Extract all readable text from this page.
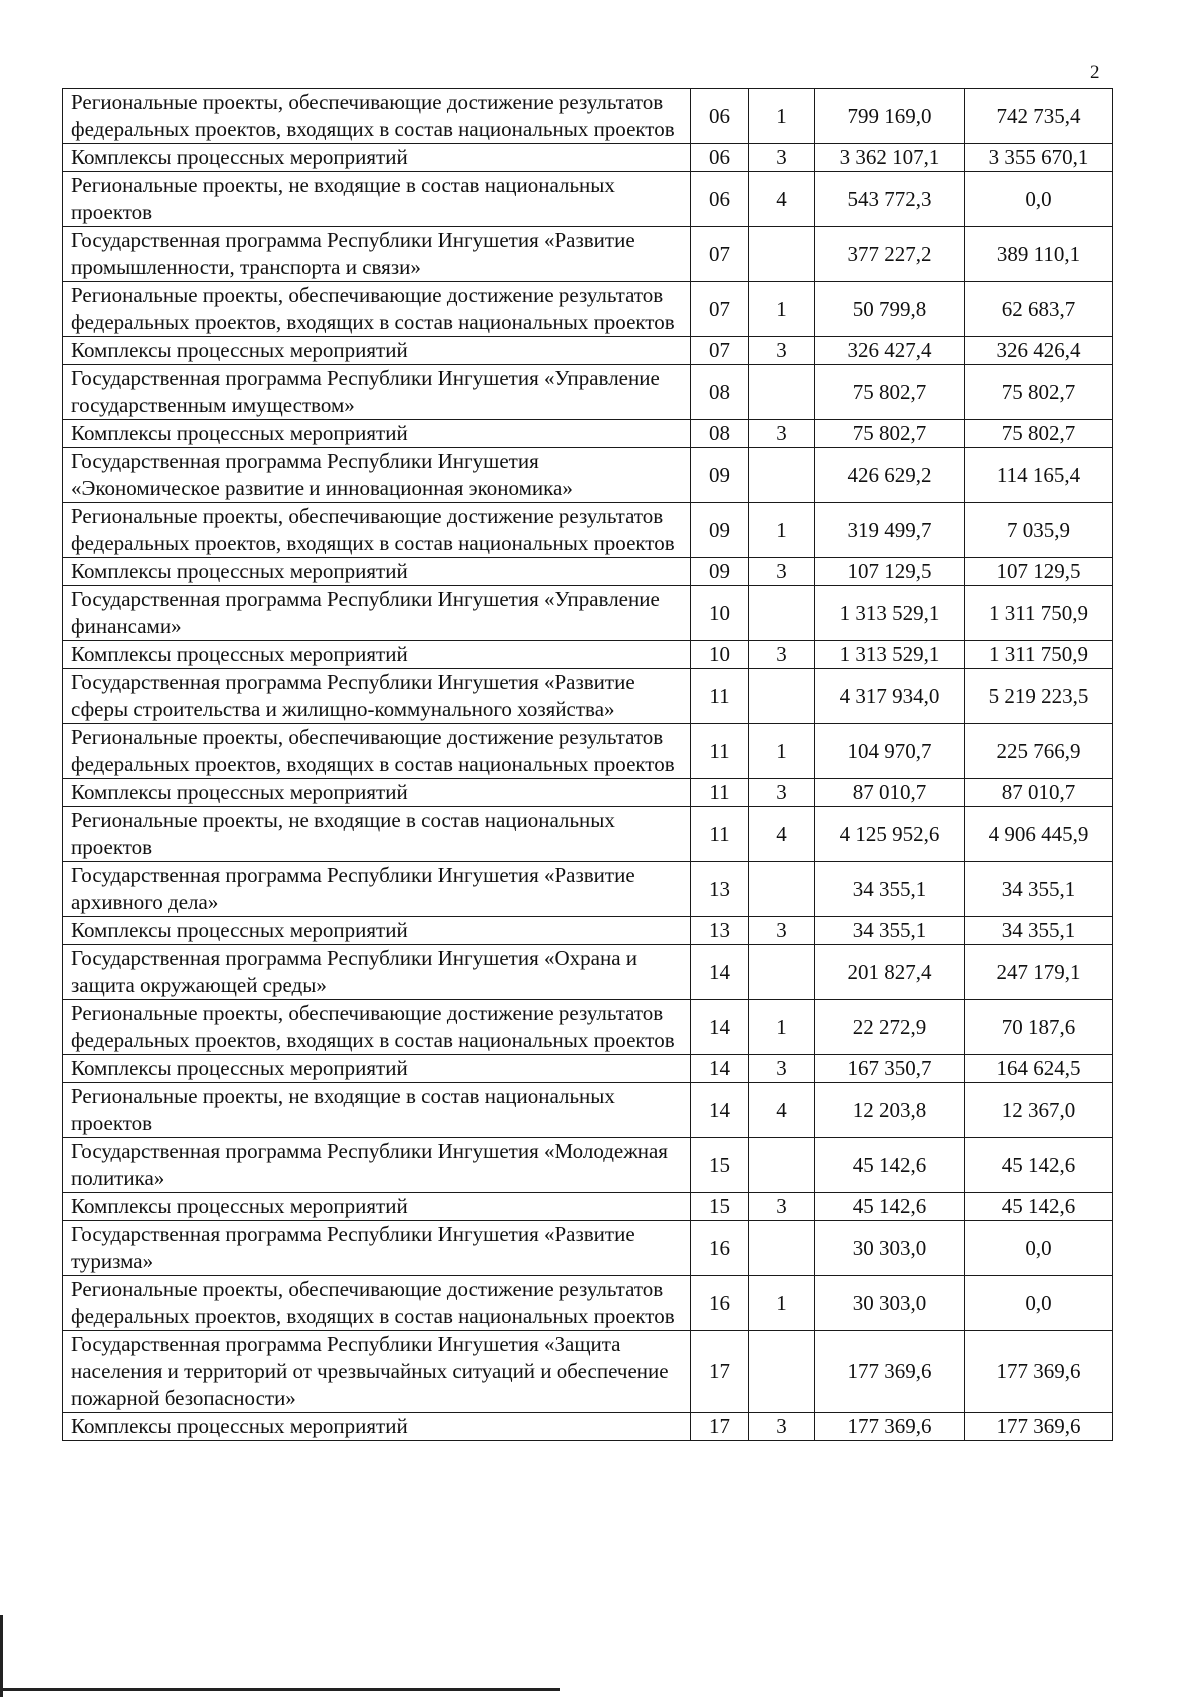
2
Региональные проекты, обеспечивающие достижение результатов федеральных проектов, входящих в состав национальных проектов	06	1	799 169,0	742 735,4
Комплексы процессных мероприятий	06	3	3 362 107,1	3 355 670,1
Региональные проекты, не входящие в состав национальных проектов	06	4	543 772,3	0,0
Государственная программа Республики Ингушетия «Развитие промышленности, транспорта и связи»	07		377 227,2	389 110,1
Региональные проекты, обеспечивающие достижение результатов федеральных проектов, входящих в состав национальных проектов	07	1	50 799,8	62 683,7
Комплексы процессных мероприятий	07	3	326 427,4	326 426,4
Государственная программа Республики Ингушетия «Управление государственным имуществом»	08		75 802,7	75 802,7
Комплексы процессных мероприятий	08	3	75 802,7	75 802,7
Государственная программа Республики Ингушетия «Экономическое развитие и инновационная экономика»	09		426 629,2	114 165,4
Региональные проекты, обеспечивающие достижение результатов федеральных проектов, входящих в состав национальных проектов	09	1	319 499,7	7 035,9
Комплексы процессных мероприятий	09	3	107 129,5	107 129,5
Государственная программа Республики Ингушетия «Управление финансами»	10		1 313 529,1	1 311 750,9
Комплексы процессных мероприятий	10	3	1 313 529,1	1 311 750,9
Государственная программа Республики Ингушетия «Развитие сферы строительства и жилищно-коммунального хозяйства»	11		4 317 934,0	5 219 223,5
Региональные проекты, обеспечивающие достижение результатов федеральных проектов, входящих в состав национальных проектов	11	1	104 970,7	225 766,9
Комплексы процессных мероприятий	11	3	87 010,7	87 010,7
Региональные проекты, не входящие в состав национальных проектов	11	4	4 125 952,6	4 906 445,9
Государственная программа Республики Ингушетия «Развитие архивного дела»	13		34 355,1	34 355,1
Комплексы процессных мероприятий	13	3	34 355,1	34 355,1
Государственная программа Республики Ингушетия «Охрана и защита окружающей среды»	14		201 827,4	247 179,1
Региональные проекты, обеспечивающие достижение результатов федеральных проектов, входящих в состав национальных проектов	14	1	22 272,9	70 187,6
Комплексы процессных мероприятий	14	3	167 350,7	164 624,5
Региональные проекты, не входящие в состав национальных проектов	14	4	12 203,8	12 367,0
Государственная программа Республики Ингушетия «Молодежная политика»	15		45 142,6	45 142,6
Комплексы процессных мероприятий	15	3	45 142,6	45 142,6
Государственная программа Республики Ингушетия «Развитие туризма»	16		30 303,0	0,0
Региональные проекты, обеспечивающие достижение результатов федеральных проектов, входящих в состав национальных проектов	16	1	30 303,0	0,0
Государственная программа Республики Ингушетия «Защита населения и территорий от чрезвычайных ситуаций и обеспечение пожарной безопасности»	17		177 369,6	177 369,6
Комплексы процессных мероприятий	17	3	177 369,6	177 369,6
